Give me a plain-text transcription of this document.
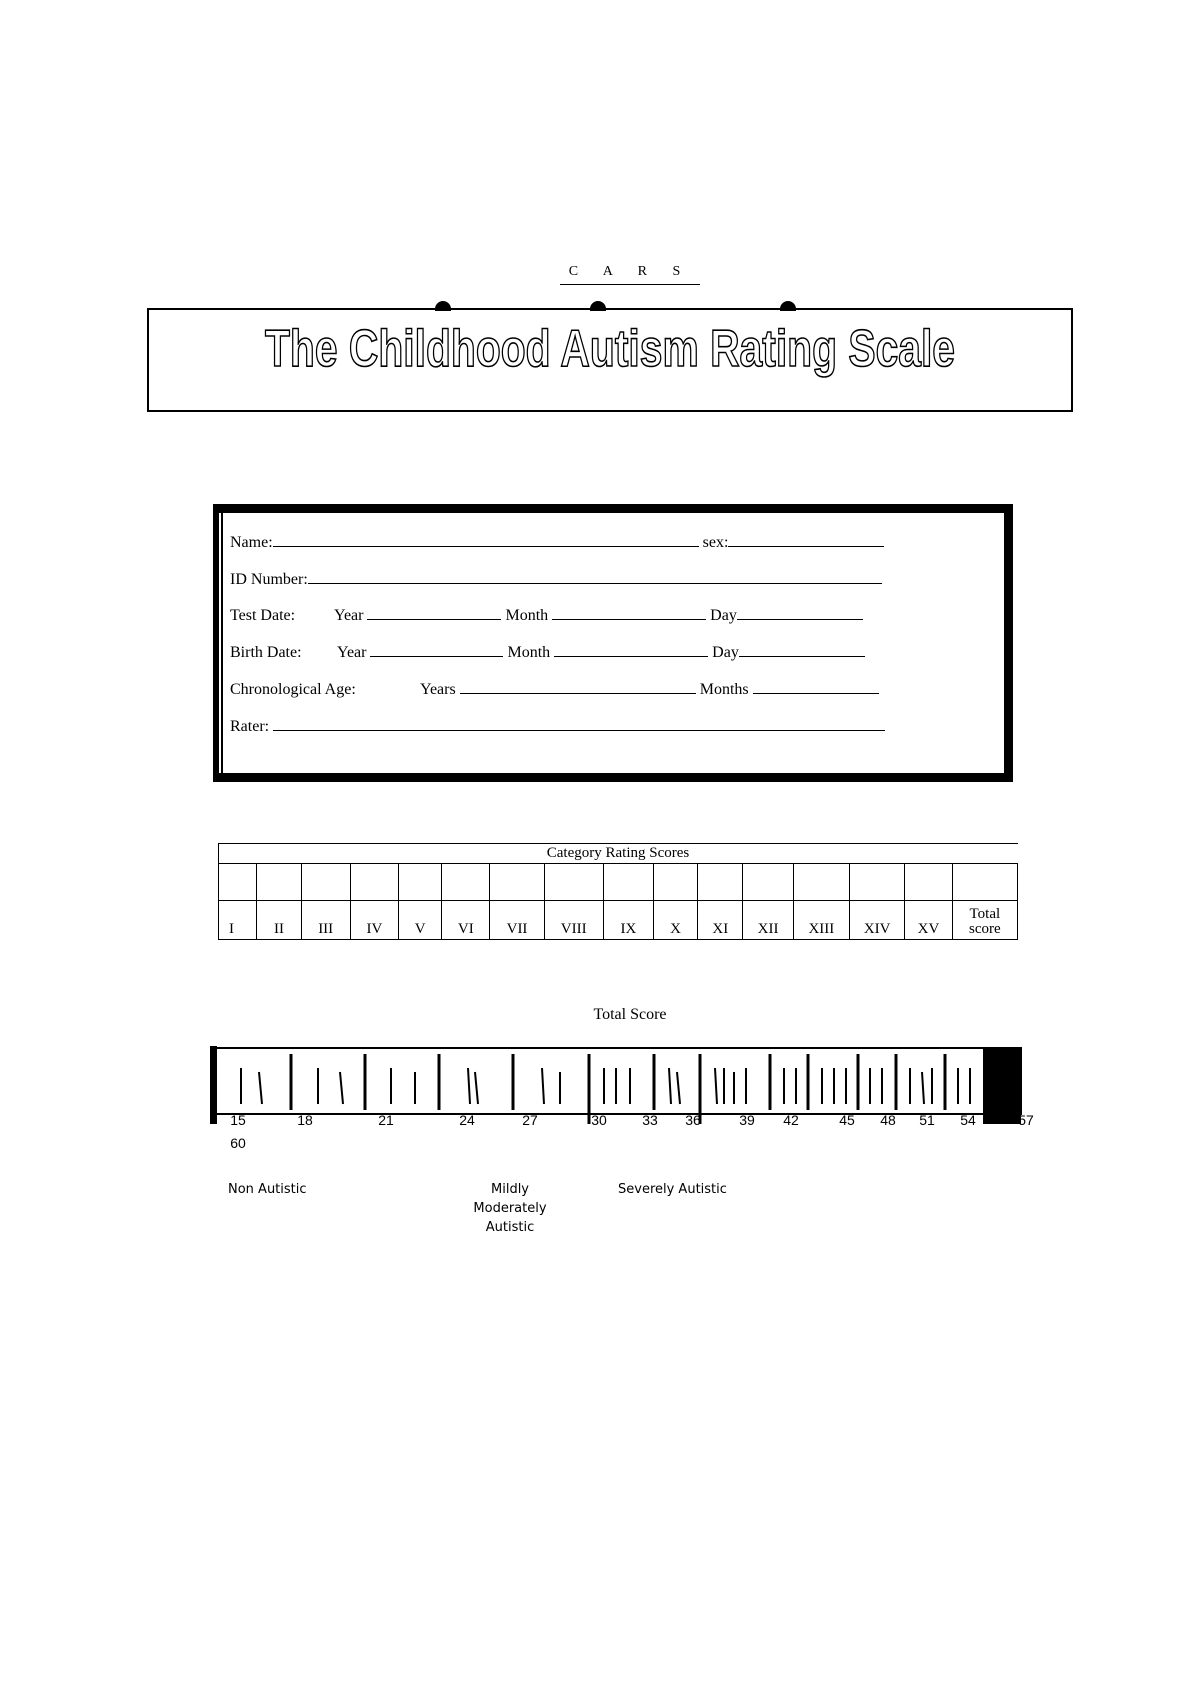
C A R S
The Childhood Autism Rating Scale
Name:	sex:
ID Number:
Test Date: Year	Month	Day
Birth Date: Year	Month	Day
Chronological Age:	Years	Months
Rater:
Category Rating Scores															

I	II	III	IV	V	VI	VII	VIII	IX	X	XI	XII	XIII	XIV	XV	Total
score
Total Score
15	18	21	24	27	30	33	36	39	42	45	48	51	54	57
60
Non Autistic	Mildly
Moderately
Autistic
Severely Autistic
